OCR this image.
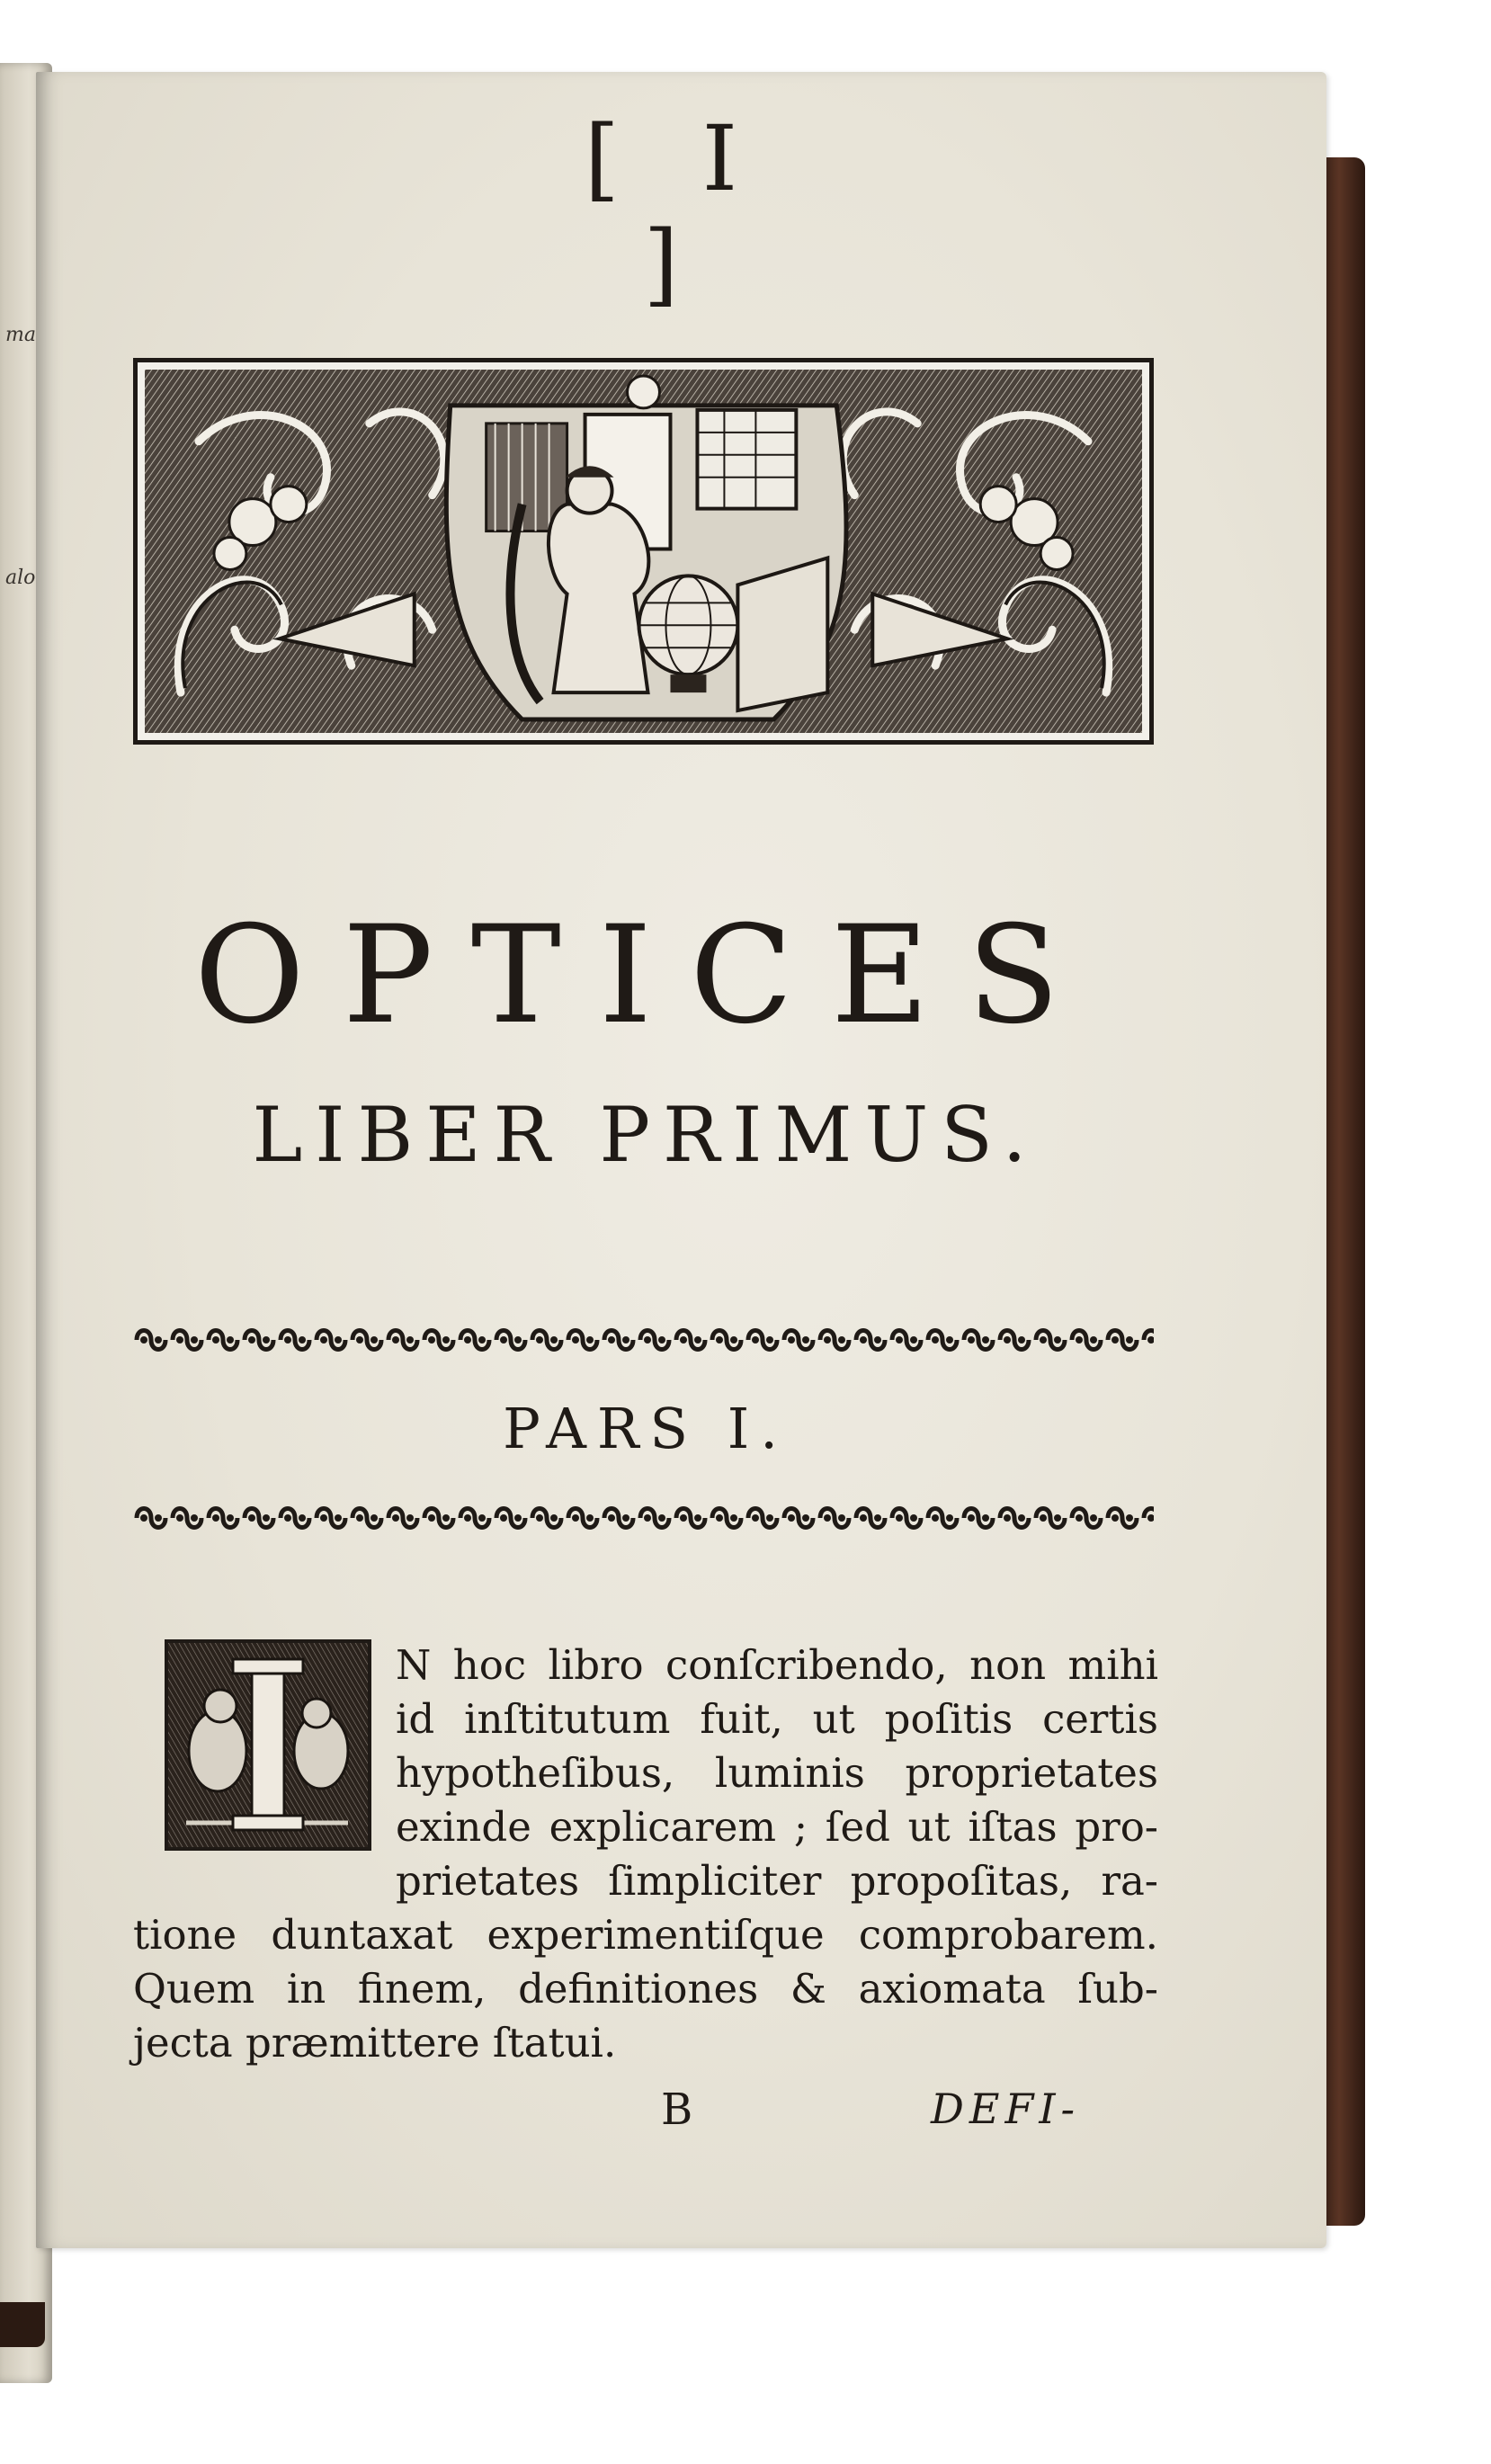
ma
alo
[ I ]
OPTICES
LIBER PRIMUS.
PARS I.
N hoc libro conſcribendo, non mihi
id inſtitutum fuit, ut poſitis certis
hypotheſibus, luminis proprietates
exinde explicarem ; ſed ut iſtas pro-
prietates ſimpliciter propoſitas, ra-
tione duntaxat experimentiſque comprobarem.
Quem in finem, definitiones & axiomata ſub-
jecta præmittere ſtatui.
B	DEFI-
